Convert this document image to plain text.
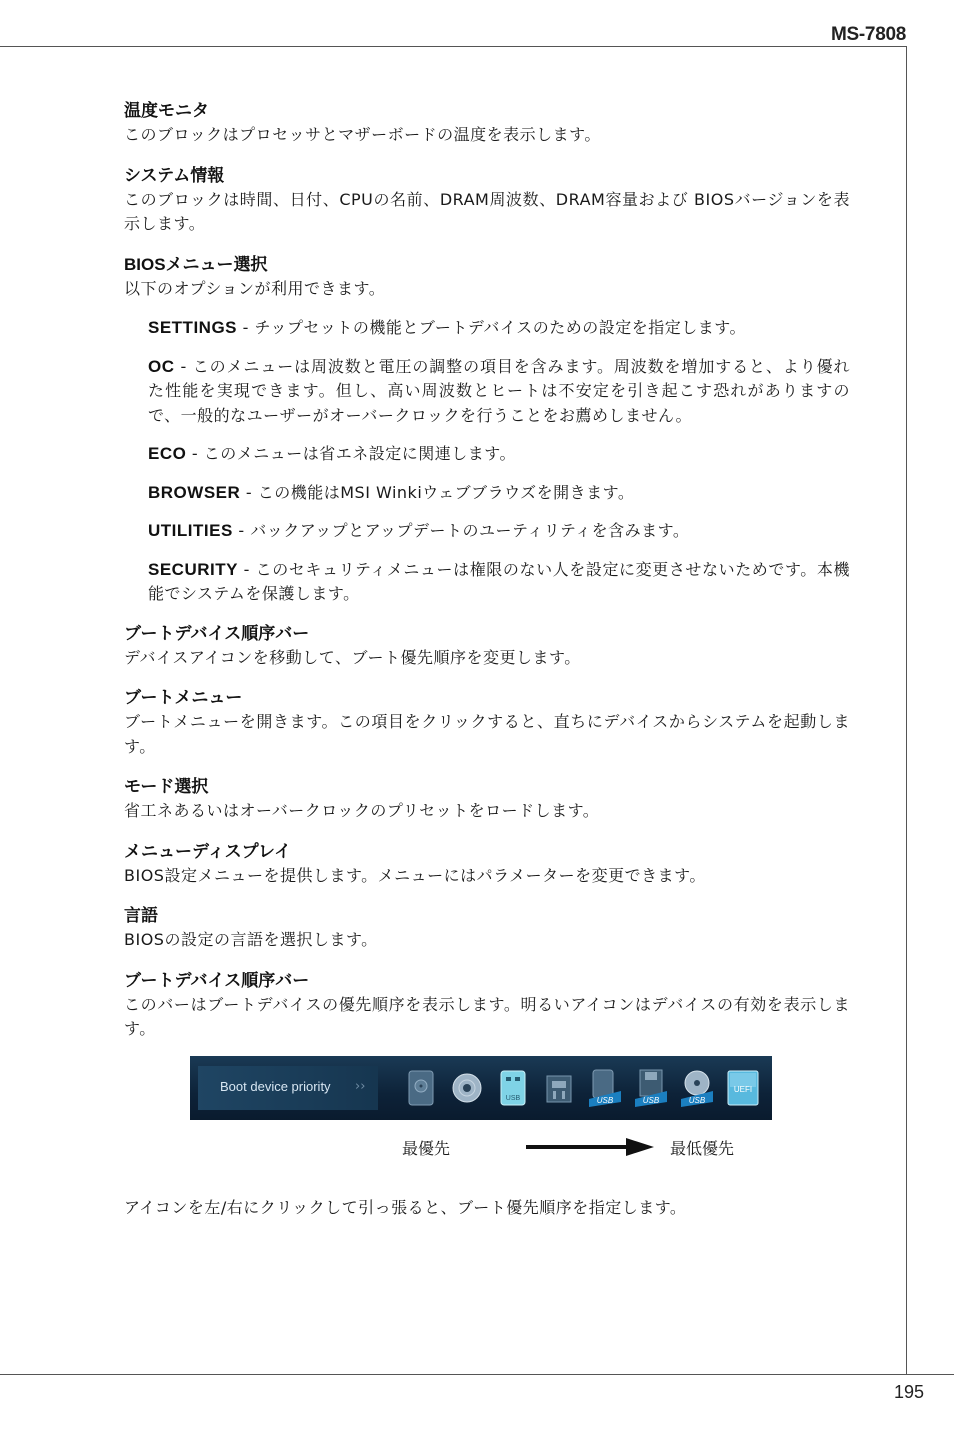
MS-7808
195
温度モニタ
このブロックはプロセッサとマザーボードの温度を表示します。
システム情報
このブロックは時間、日付、CPUの名前、DRAM周波数、DRAM容量および BIOSバージョンを表示します。
BIOSメニュー選択
以下のオプションが利用できます。
SETTINGS - チップセットの機能とブートデバイスのための設定を指定します。
OC - このメニューは周波数と電圧の調整の項目を含みます。周波数を増加すると、より優れた性能を実現できます。但し、高い周波数とヒートは不安定を引き起こす恐れがありますので、一般的なユーザーがオーバークロックを行うことをお薦めしません。
ECO - このメニューは省エネ設定に関連します。
BROWSER - この機能はMSI Winkiウェブブラウズを開きます。
UTILITIES - バックアップとアップデートのユーティリティを含みます。
SECURITY - このセキュリティメニューは権限のない人を設定に変更させないためです。本機能でシステムを保護します。
ブートデバイス順序バー
デバイスアイコンを移動して、ブート優先順序を変更します。
ブートメニュー
ブートメニューを開きます。この項目をクリックすると、直ちにデバイスからシステムを起動します。
モード選択
省工ネあるいはオーバークロックのプリセットをロードします。
メニューディスプレイ
BIOS設定メニューを提供します。メニューにはパラメーターを変更できます。
言語
BIOSの設定の言語を選択します。
ブートデバイス順序バー
このバーはブートデバイスの優先順序を表示します。明るいアイコンはデバイスの有効を表示します。
Boot device priority ››
USB	USB	USB	USB
UEFI
最優先	最低優先
アイコンを左/右にクリックして引っ張ると、ブート優先順序を指定します。
